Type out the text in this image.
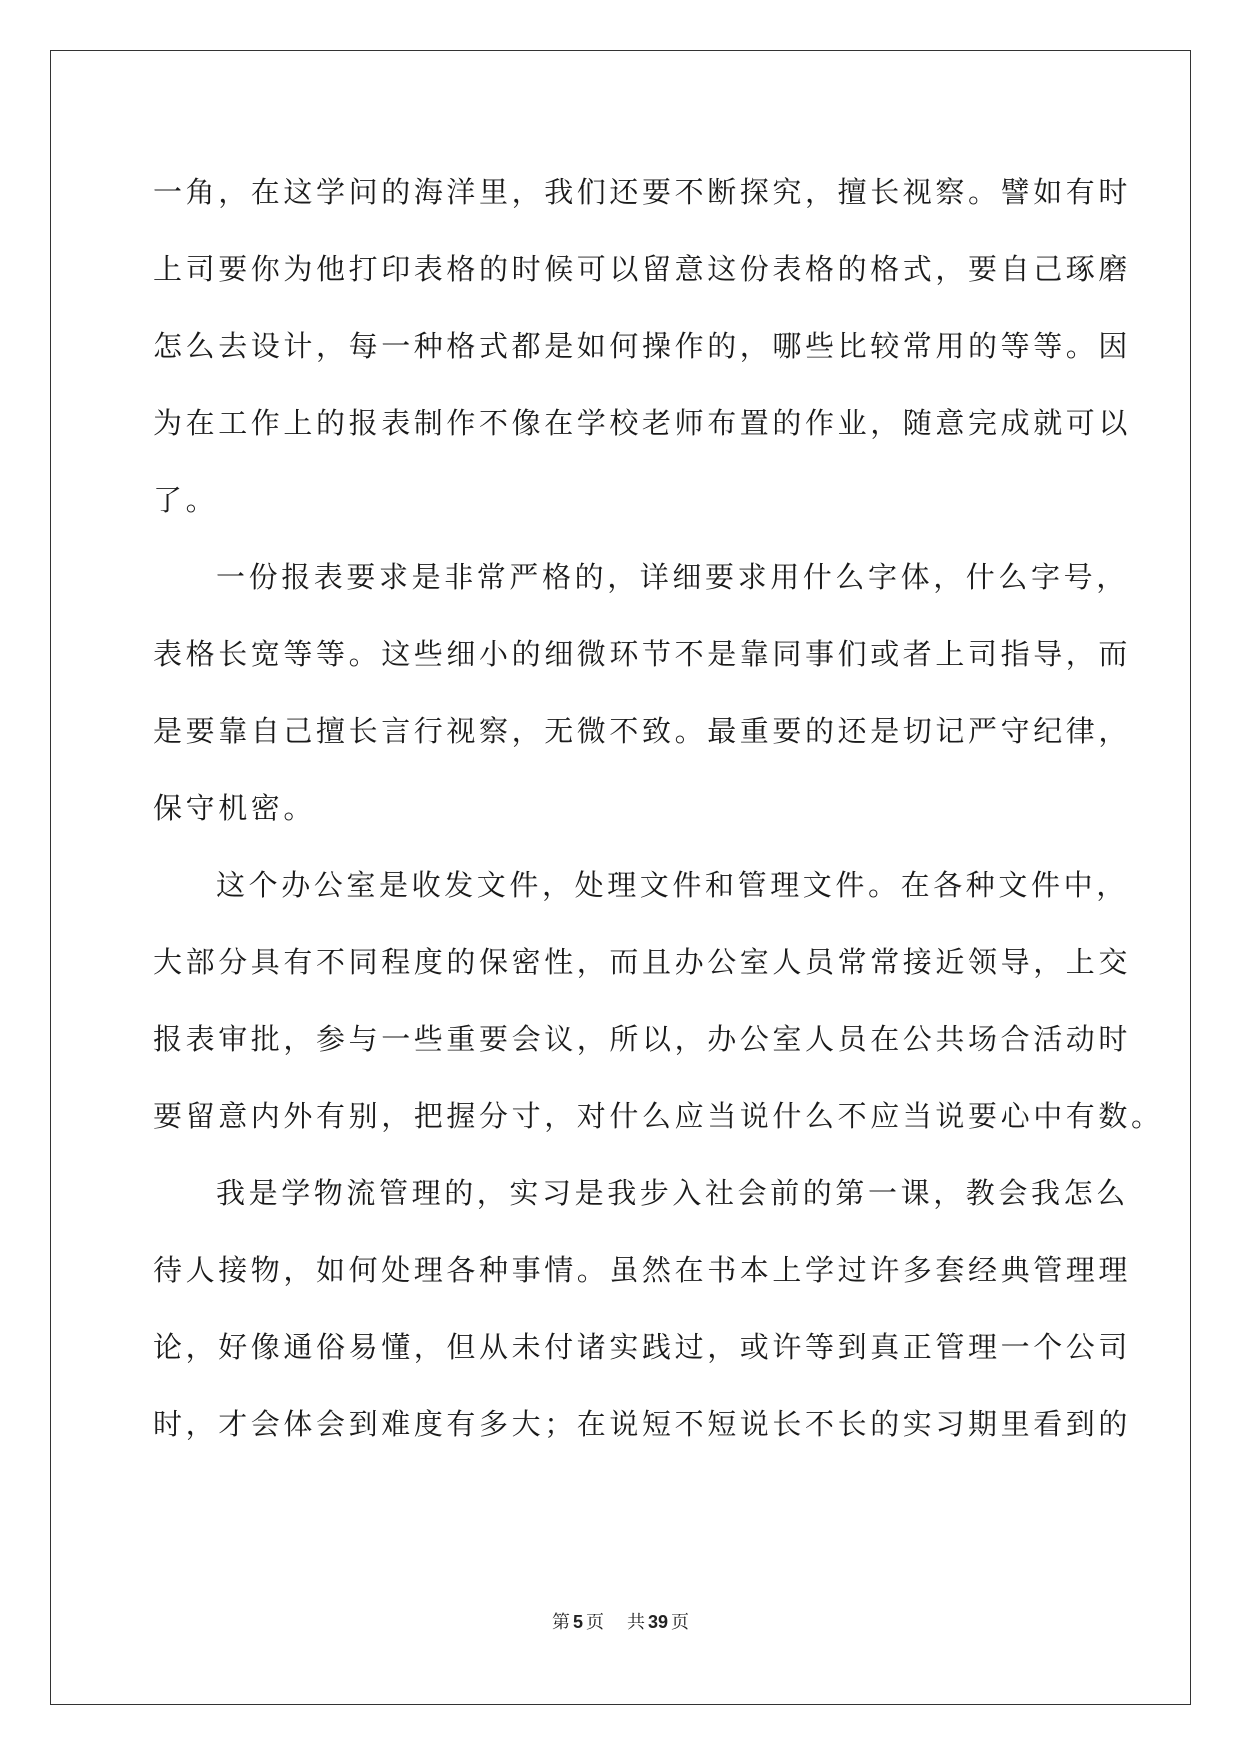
一角，在这学问的海洋里，我们还要不断探究，擅长视察。譬如有时
上司要你为他打印表格的时候可以留意这份表格的格式，要自己琢磨
怎么去设计，每一种格式都是如何操作的，哪些比较常用的等等。因
为在工作上的报表制作不像在学校老师布置的作业，随意完成就可以
了。
一份报表要求是非常严格的，详细要求用什么字体，什么字号，
表格长宽等等。这些细小的细微环节不是靠同事们或者上司指导，而
是要靠自己擅长言行视察，无微不致。最重要的还是切记严守纪律，
保守机密。
这个办公室是收发文件，处理文件和管理文件。在各种文件中，
大部分具有不同程度的保密性，而且办公室人员常常接近领导，上交
报表审批，参与一些重要会议，所以，办公室人员在公共场合活动时
要留意内外有别，把握分寸，对什么应当说什么不应当说要心中有数。
我是学物流管理的，实习是我步入社会前的第一课，教会我怎么
待人接物，如何处理各种事情。虽然在书本上学过许多套经典管理理
论，好像通俗易懂，但从未付诸实践过，或许等到真正管理一个公司
时，才会体会到难度有多大；在说短不短说长不长的实习期里看到的
第 5 页 共 39 页
